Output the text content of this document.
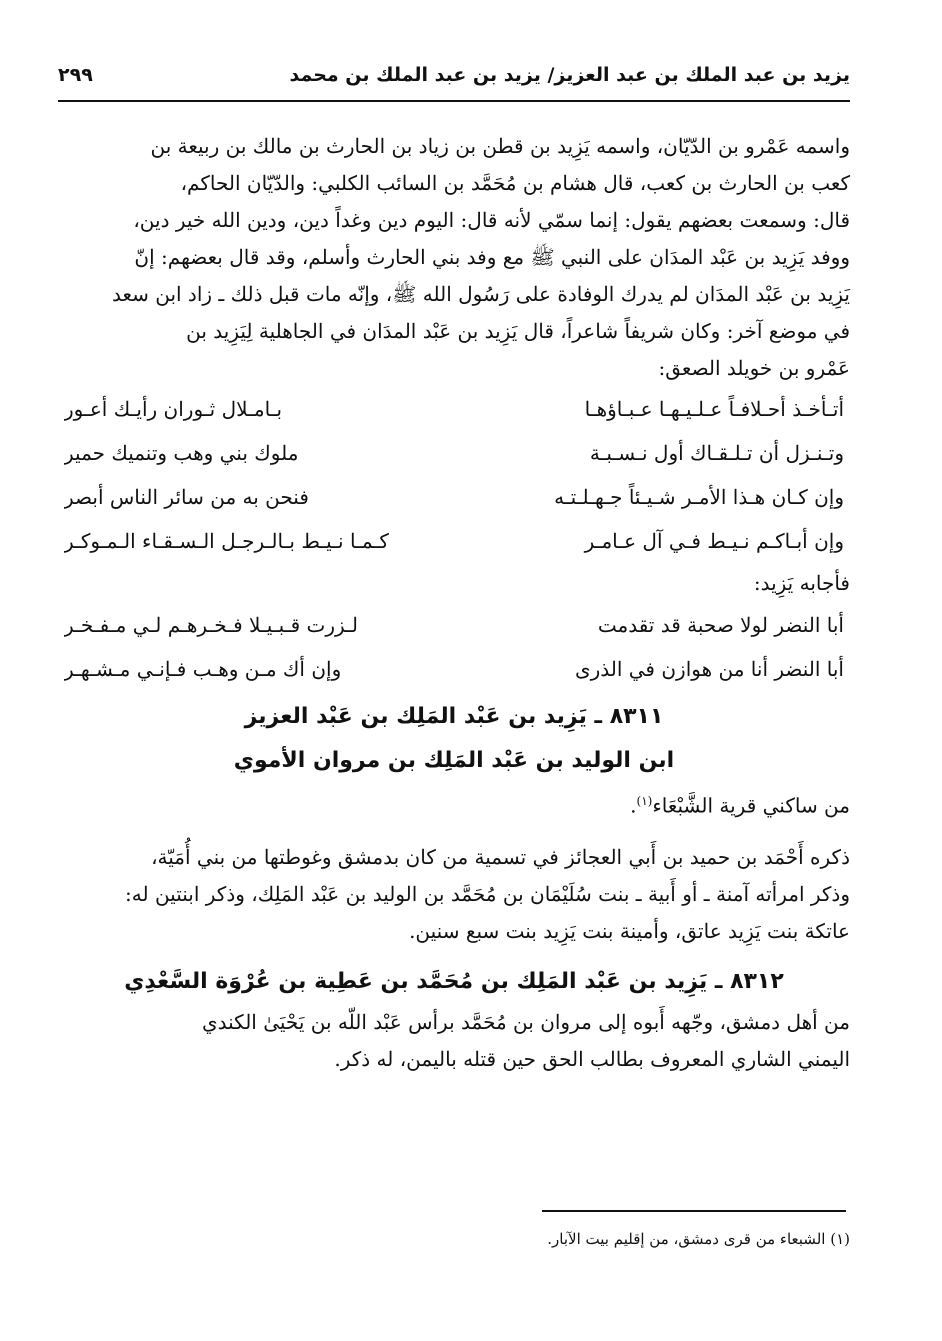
يزيد بن عبد الملك بن عبد العزيز/ يزيد بن عبد الملك بن محمد
٢٩٩

واسمه عَمْرو بن الدّيّان، واسمه يَزِيد بن قطن بن زياد بن الحارث بن مالك بن ربيعة بن

كعب بن الحارث بن كعب، قال هشام بن مُحَمَّد بن السائب الكلبي: والدّيّان الحاكم،

قال: وسمعت بعضهم يقول: إنما سمّي لأنه قال: اليوم دين وغداً دين، ودين الله خير دين،

ووفد يَزِيد بن عَبْد المدَان على النبي ﷺ مع وفد بني الحارث وأسلم، وقد قال بعضهم: إنّ

يَزِيد بن عَبْد المدَان لم يدرك الوفادة على رَسُول الله ﷺ، وإنّه مات قبل ذلك ـ زاد ابن سعد

في موضع آخر: وكان شريفاً شاعراً، قال يَزِيد بن عَبْد المدَان في الجاهلية لِيَزِيد بن

عَمْرو بن خويلد الصعق:

أتـأخـذ أحـلافـاً عـلـيـهـا عـبـاؤهـا
بـامـلال ثـوران رأيـك أعـور
وتـنـزل أن تـلـقـاك أول نـسـبـة
ملوك بني وهب وتنميك حمير
وإن كـان هـذا الأمـر شـيـئاً جـهـلـتـه
فنحن به من سائر الناس أبصر
وإن أبـاكـم نـيـط فـي آل عـامـر
كـمـا نـيـط بـالـرجـل الـسـقـاء الـمـوكـر

فأجابه يَزِيد:

أبا النضر لولا صحبة قد تقدمت
لـزرت قـبـيـلا فـخـرهـم لـي مـفـخـر
أبا النضر أنا من هوازن في الذرى
وإن أك مـن وهـب فـإنـي مـشـهـر

٨٣١١ ـ يَزِيد بن عَبْد المَلِك بن عَبْد العزيز

ابن الوليد بن عَبْد المَلِك بن مروان الأموي

من ساكني قرية الشَّبْعَاء$^{(١)}$.

ذكره أَحْمَد بن حميد بن أَبي العجائز في تسمية من كان بدمشق وغوطتها من بني أُمَيّة،

وذكر امرأته آمنة ـ أو أَبية ـ بنت سُلَيْمَان بن مُحَمَّد بن الوليد بن عَبْد المَلِك، وذكر ابنتين له:

عاتكة بنت يَزِيد عاتق، وأمينة بنت يَزِيد بنت سبع سنين.

٨٣١٢ ـ يَزِيد بن عَبْد المَلِك بن مُحَمَّد بن عَطِية بن عُرْوَة السَّعْدِي

من أهل دمشق، وجّهه أَبوه إلى مروان بن مُحَمَّد برأس عَبْد اللّه بن يَحْيَىٰ الكندي

اليمني الشاري المعروف بطالب الحق حين قتله باليمن، له ذكر.

(١) الشبعاء من قرى دمشق، من إقليم بيت الآبار.
